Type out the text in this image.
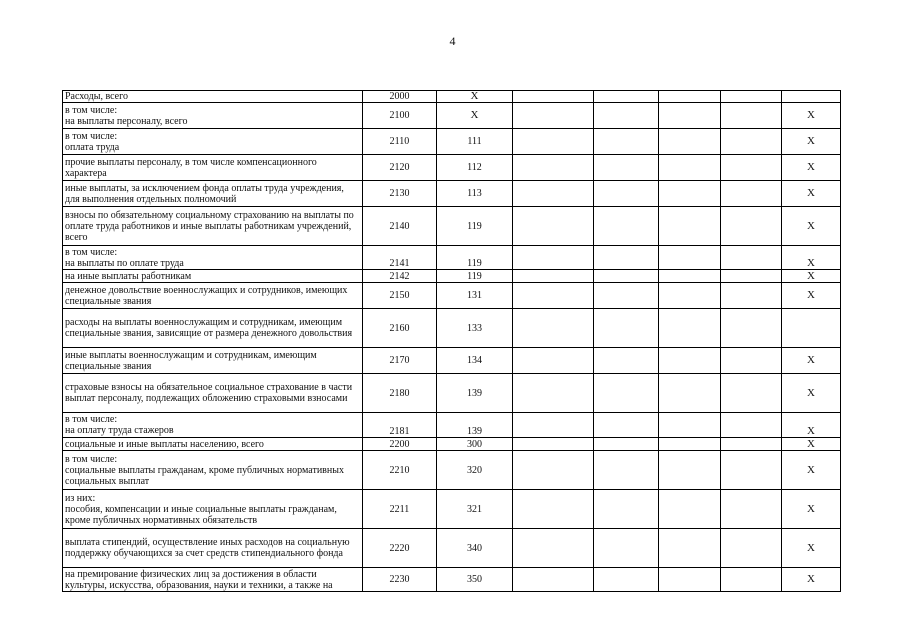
4
Расходы, всего	2000	X					
в том числе:
на выплаты персоналу, всего	2100	X					X
в том числе:
оплата труда	2110	111					X
прочие выплаты персоналу, в том числе компенсационного характера	2120	112					X
иные выплаты, за исключением фонда оплаты труда учреждения, для выполнения отдельных полномочий	2130	113					X
взносы по обязательному социальному страхованию на выплаты по оплате труда работников и иные выплаты работникам учреждений, всего	2140	119					X
в том числе:
на выплаты по оплате труда	2141	119					X
на иные выплаты работникам	2142	119					X
денежное довольствие военнослужащих и сотрудников, имеющих специальные звания	2150	131					X
расходы на выплаты военнослужащим и сотрудникам, имеющим специальные звания, зависящие от размера денежного довольствия	2160	133					
иные выплаты военнослужащим и сотрудникам, имеющим специальные звания	2170	134					X
страховые взносы на обязательное социальное страхование в части выплат персоналу, подлежащих обложению страховыми взносами	2180	139					X
в том числе:
на оплату труда стажеров	2181	139					X
социальные и иные выплаты населению, всего	2200	300					X
в том числе:
социальные выплаты гражданам, кроме публичных нормативных социальных выплат	2210	320					X
из них:
пособия, компенсации и иные социальные выплаты гражданам, кроме публичных нормативных обязательств	2211	321					X
выплата стипендий, осуществление иных расходов на социальную поддержку обучающихся за счет средств стипендиального фонда	2220	340					X
на премирование физических лиц за достижения в области культуры, искусства, образования, науки и техники, а также на	2230	350					X
